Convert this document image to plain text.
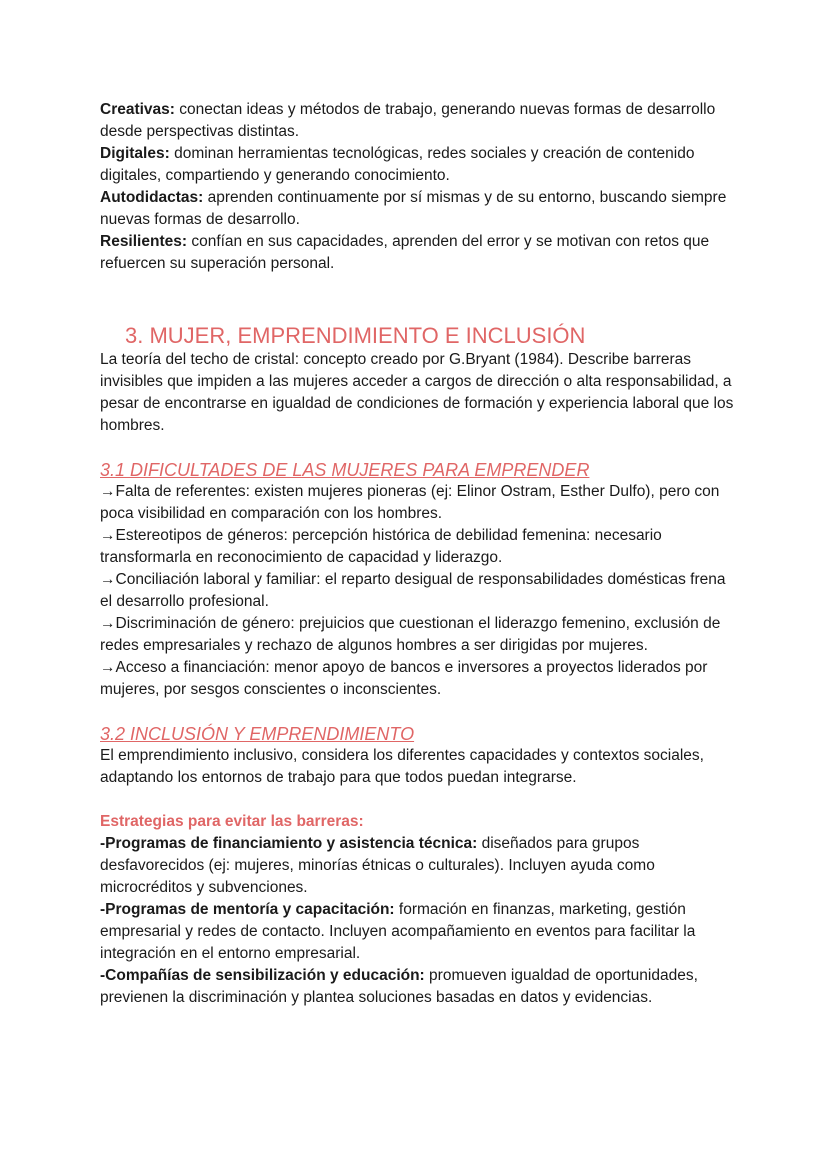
Creativas: conectan ideas y métodos de trabajo, generando nuevas formas de desarrollo desde perspectivas distintas.

Digitales: dominan herramientas tecnológicas, redes sociales y creación de contenido digitales, compartiendo y generando conocimiento.

Autodidactas: aprenden continuamente por sí mismas y de su entorno, buscando siempre nuevas formas de desarrollo.

Resilientes: confían en sus capacidades, aprenden del error y se motivan con retos que refuercen su superación personal.

3. MUJER, EMPRENDIMIENTO E INCLUSIÓN

La teoría del techo de cristal: concepto creado por G.Bryant (1984). Describe barreras invisibles que impiden a las mujeres acceder a cargos de dirección o alta responsabilidad, a pesar de encontrarse en igualdad de condiciones de formación y experiencia laboral que los hombres.

3.1 DIFICULTADES DE LAS MUJERES PARA EMPRENDER

→Falta de referentes: existen mujeres pioneras (ej: Elinor Ostram, Esther Dulfo), pero con poca visibilidad en comparación con los hombres.

→Estereotipos de géneros: percepción histórica de debilidad femenina: necesario transformarla en reconocimiento de capacidad y liderazgo.

→Conciliación laboral y familiar: el reparto desigual de responsabilidades domésticas frena el desarrollo profesional.

→Discriminación de género: prejuicios que cuestionan el liderazgo femenino, exclusión de redes empresariales y rechazo de algunos hombres a ser dirigidas por mujeres.

→Acceso a financiación: menor apoyo de bancos e inversores a proyectos liderados por mujeres, por sesgos conscientes o inconscientes.

3.2 INCLUSIÓN Y EMPRENDIMIENTO

El emprendimiento inclusivo, considera los diferentes capacidades y contextos sociales, adaptando los entornos de trabajo para que todos puedan integrarse.

Estrategias para evitar las barreras:

-Programas de financiamiento y asistencia técnica: diseñados para grupos desfavorecidos (ej: mujeres, minorías étnicas o culturales). Incluyen ayuda como microcréditos y subvenciones.

-Programas de mentoría y capacitación: formación en finanzas, marketing, gestión empresarial y redes de contacto. Incluyen acompañamiento en eventos para facilitar la integración en el entorno empresarial.

-Compañías de sensibilización y educación: promueven igualdad de oportunidades, previenen la discriminación y plantea soluciones basadas en datos y evidencias.
